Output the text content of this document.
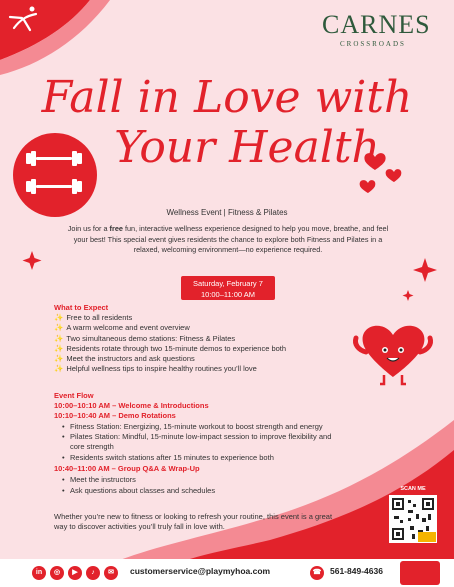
CARNES
CROSSROADS
Fall in Love with
Your Health
Wellness Event | Fitness & Pilates
Join us for a free fun, interactive wellness experience designed to help you move, breathe, and feel your best! This special event gives residents the chance to explore both Fitness and Pilates in a relaxed, welcoming environment—no experience required.
Saturday, February 7
10:00–11:00 AM
What to Expect
✨ Free to all residents
✨ A warm welcome and event overview
✨ Two simultaneous demo stations: Fitness & Pilates
✨ Residents rotate through two 15-minute demos to experience both
✨ Meet the instructors and ask questions
✨ Helpful wellness tips to inspire healthy routines you’ll love
Event Flow
10:00–10:10 AM – Welcome & Introductions
10:10–10:40 AM – Demo Rotations
• Fitness Station: Energizing, 15-minute workout to boost strength and energy
• Pilates Station: Mindful, 15-minute low-impact session to improve flexibility and
core strength
• Residents switch stations after 15 minutes to experience both
10:40–11:00 AM – Group Q&A & Wrap-Up
• Meet the instructors
• Ask questions about classes and schedules
Whether you’re new to fitness or looking to refresh your routine, this event is a great way to discover activities you’ll truly fall in love with.
SCAN ME
in	◎	▶	♪	✉	customerservice@playmyhoa.com	☎	561-849-4636
